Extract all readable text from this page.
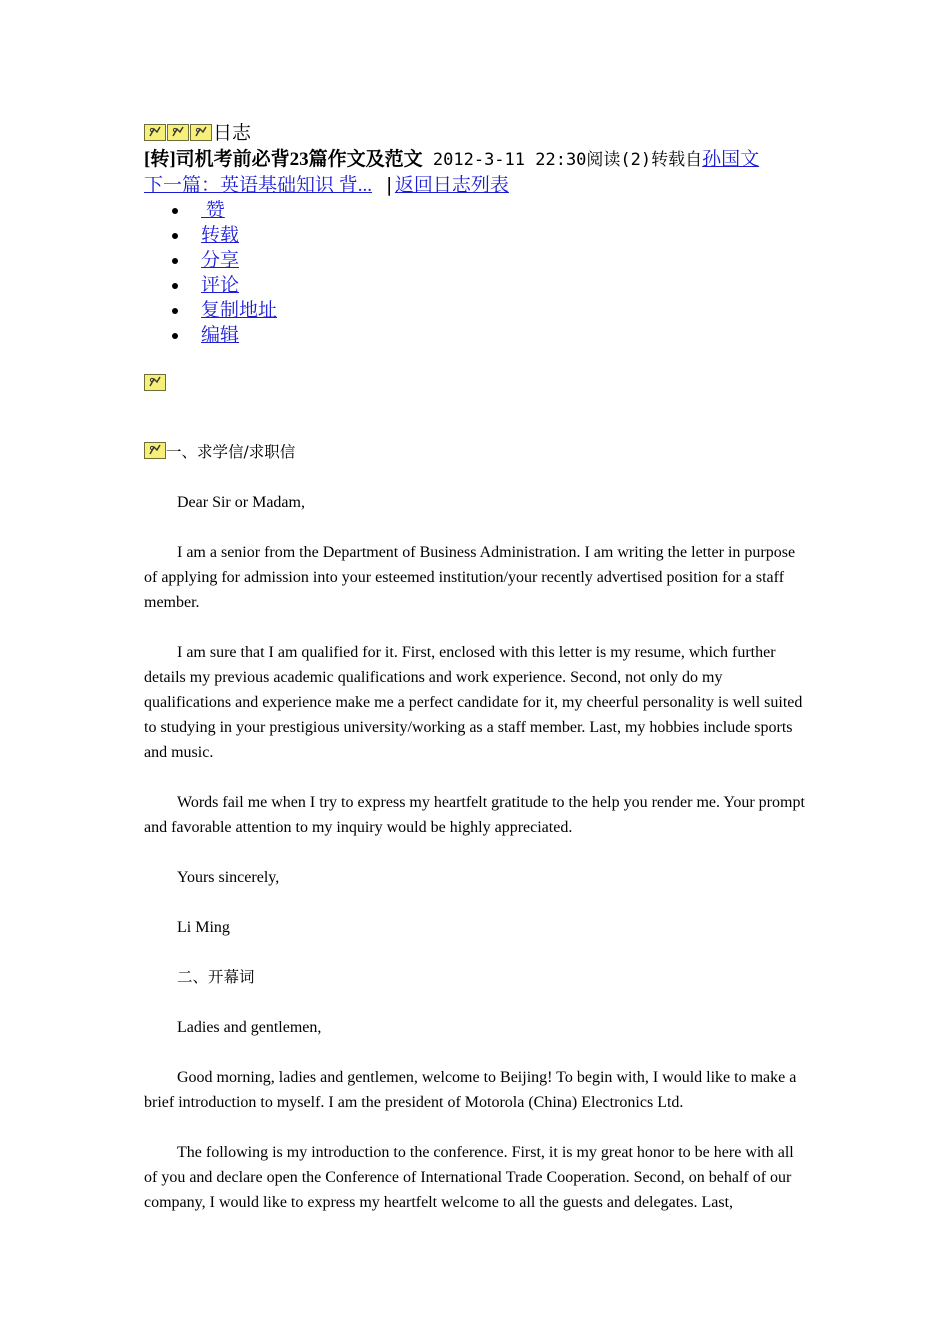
日志
[转]司机考前必背23篇作文及范文 2012-3-11 22:30阅读(2)转载自孙国文
下一篇：英语基础知识 背... |返回日志列表
赞
转载
分享
评论
复制地址
编辑

一、求学信/求职信

Dear Sir or Madam,

I am a senior from the Department of Business Administration. I am writing the letter in purpose of applying for admission into your esteemed institution/your recently advertised position for a staff member.

I am sure that I am qualified for it. First, enclosed with this letter is my resume, which further details my previous academic qualifications and work experience. Second, not only do my qualifications and experience make me a perfect candidate for it, my cheerful personality is well suited to studying in your prestigious university/working as a staff member. Last, my hobbies include sports and music.

Words fail me when I try to express my heartfelt gratitude to the help you render me. Your prompt and favorable attention to my inquiry would be highly appreciated.

Yours sincerely,

Li Ming

二、开幕词

Ladies and gentlemen,

Good morning, ladies and gentlemen, welcome to Beijing! To begin with, I would like to make a brief introduction to myself. I am the president of Motorola (China) Electronics Ltd.

The following is my introduction to the conference. First, it is my great honor to be here with all of you and declare open the Conference of International Trade Cooperation. Second, on behalf of our company, I would like to express my heartfelt welcome to all the guests and delegates. Last,
